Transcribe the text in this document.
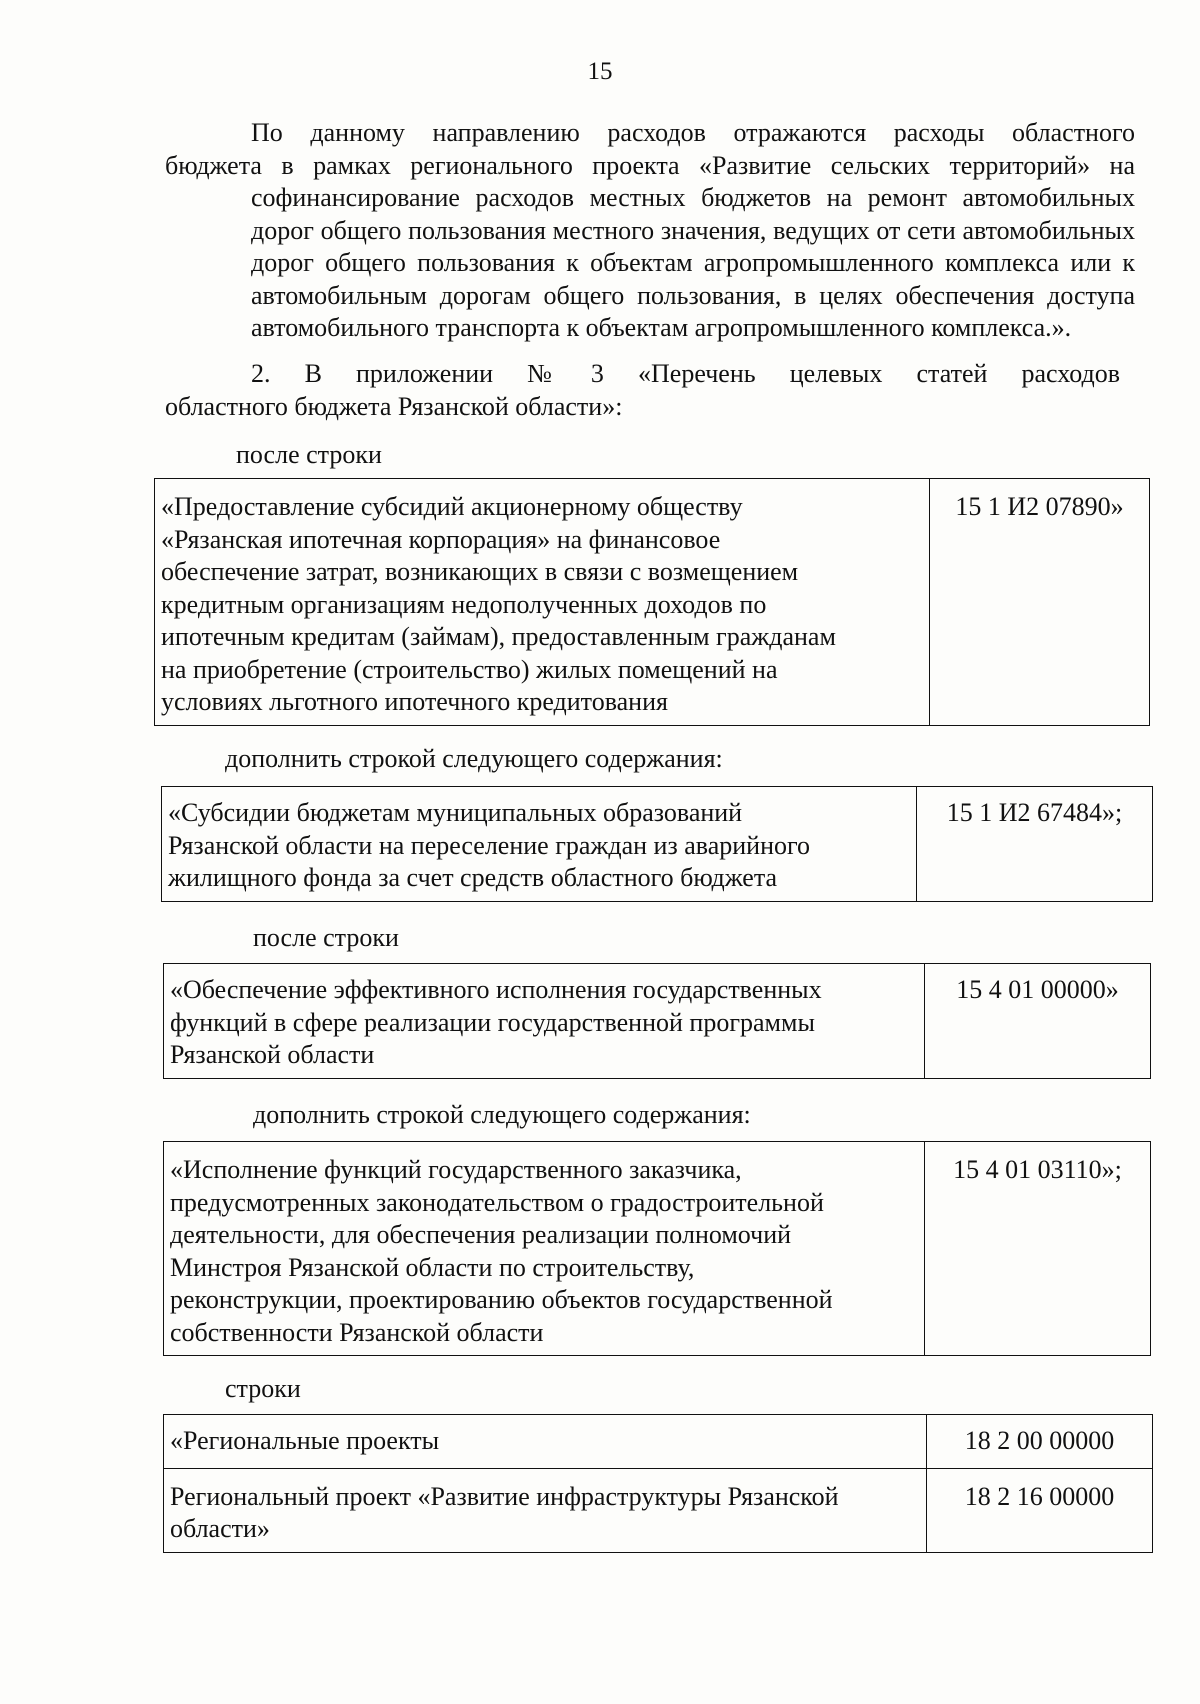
15

По данному направлению расходов отражаются расходы областного
бюджета в рамках регионального проекта «Развитие сельских территорий» на
софинансирование расходов местных бюджетов на ремонт автомобильных
дорог общего пользования местного значения, ведущих от сети автомобильных
дорог общего пользования к объектам агропромышленного комплекса или к
автомобильным дорогам общего пользования, в целях обеспечения доступа
автомобильного транспорта к объектам агропромышленного комплекса.».

2.   В   приложении   №   3   «Перечень   целевых   статей   расходов
областного бюджета Рязанской области»:

после строки

«Предоставление субсидий акционерному обществу
«Рязанская ипотечная корпорация» на финансовое
обеспечение затрат, возникающих в связи с возмещением
кредитным организациям недополученных доходов по
ипотечным кредитам (займам), предоставленным гражданам
на приобретение (строительство) жилых помещений на
условиях льготного ипотечного кредитования
	15 1 И2 07890»

дополнить строкой следующего содержания:

«Субсидии бюджетам муниципальных образований
Рязанской области на переселение граждан из аварийного
жилищного фонда за счет средств областного бюджета
	15 1 И2 67484»;

после строки

«Обеспечение эффективного исполнения государственных
функций в сфере реализации государственной программы
Рязанской области
	15 4 01 00000»

дополнить строкой следующего содержания:

«Исполнение функций государственного заказчика,
предусмотренных законодательством о градостроительной
деятельности, для обеспечения реализации полномочий
Минстроя Рязанской области по строительству,
реконструкции, проектированию объектов государственной
собственности Рязанской области
	15 4 01 03110»;

строки

«Региональные проекты	18 2 00 00000

Региональный проект «Развитие инфраструктуры Рязанской
области»	18 2 16 00000
